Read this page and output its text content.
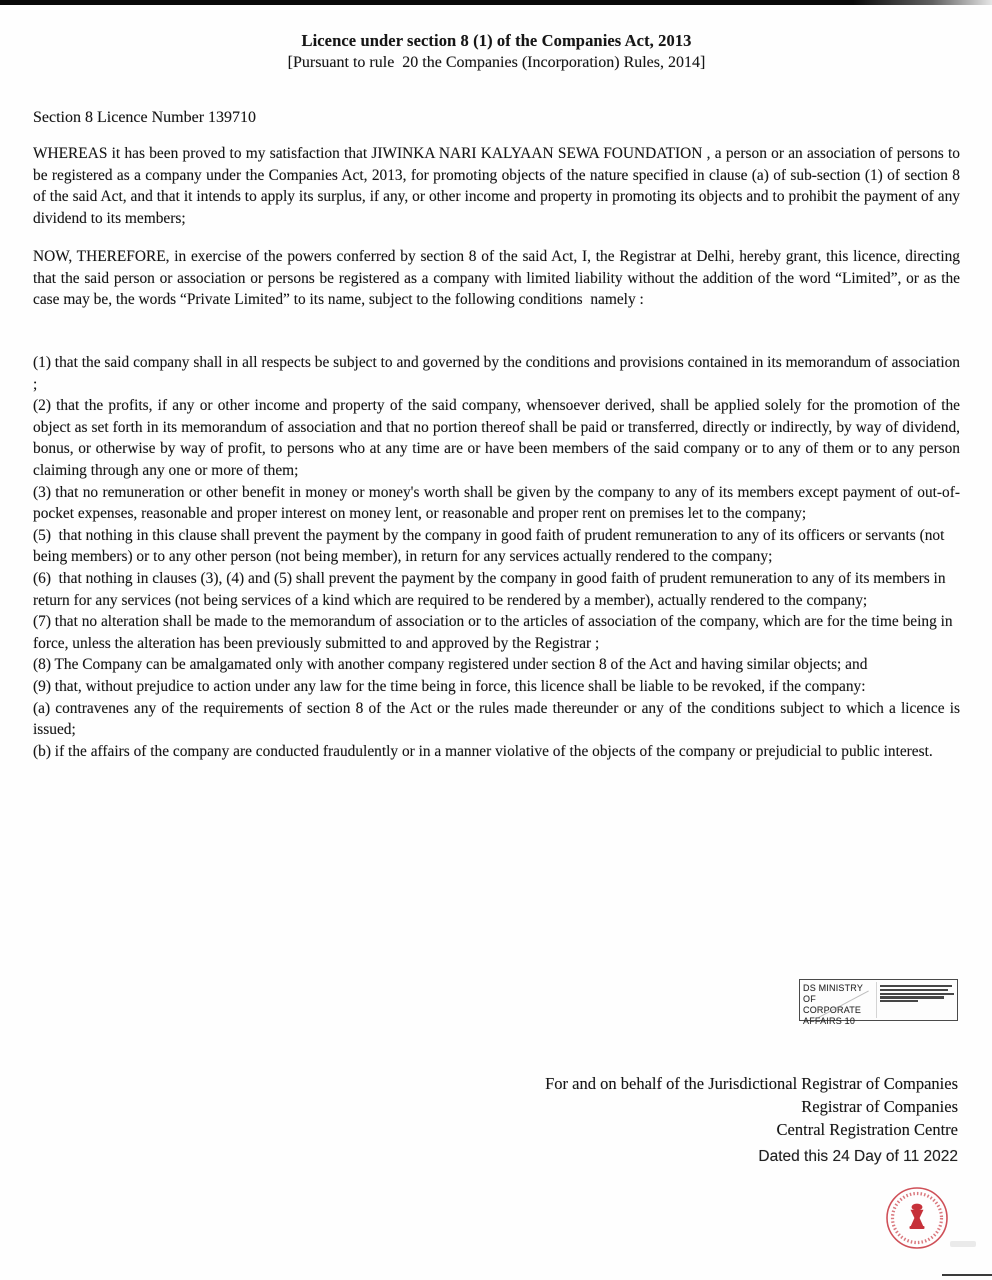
Licence under section 8 (1) of the Companies Act, 2013
[Pursuant to rule  20 the Companies (Incorporation) Rules, 2014]
Section 8 Licence Number 139710
WHEREAS it has been proved to my satisfaction that JIWINKA NARI KALYAAN SEWA FOUNDATION , a person or an association of persons to be registered as a company under the Companies Act, 2013, for promoting objects of the nature specified in clause (a) of sub-section (1) of section 8 of the said Act, and that it intends to apply its surplus, if any, or other income and property in promoting its objects and to prohibit the payment of any dividend to its members;
NOW, THEREFORE, in exercise of the powers conferred by section 8 of the said Act, I, the Registrar at Delhi, hereby grant, this licence, directing that the said person or association or persons be registered as a company with limited liability without the addition of the word “Limited”, or as the case may be, the words “Private Limited” to its name, subject to the following conditions  namely :
(1) that the said company shall in all respects be subject to and governed by the conditions and provisions contained in its memorandum of association ;
(2) that the profits, if any or other income and property of the said company, whensoever derived, shall be applied solely for the promotion of the object as set forth in its memorandum of association and that no portion thereof shall be paid or transferred, directly or indirectly, by way of dividend, bonus, or otherwise by way of profit, to persons who at any time are or have been members of the said company or to any of them or to any person claiming through any one or more of them;
(3) that no remuneration or other benefit in money or money's worth shall be given by the company to any of its members except payment of out-of-pocket expenses, reasonable and proper interest on money lent, or reasonable and proper rent on premises let to the company;
(5)  that nothing in this clause shall prevent the payment by the company in good faith of prudent remuneration to any of its officers or servants (not being members) or to any other person (not being member), in return for any services actually rendered to the company;
(6)  that nothing in clauses (3), (4) and (5) shall prevent the payment by the company in good faith of prudent remuneration to any of its members in return for any services (not being services of a kind which are required to be rendered by a member), actually rendered to the company;
(7) that no alteration shall be made to the memorandum of association or to the articles of association of the company, which are for the time being in force, unless the alteration has been previously submitted to and approved by the Registrar ;
(8) The Company can be amalgamated only with another company registered under section 8 of the Act and having similar objects; and
(9) that, without prejudice to action under any law for the time being in force, this licence shall be liable to be revoked, if the company:
(a) contravenes any of the requirements of section 8 of the Act or the rules made thereunder or any of the conditions subject to which a licence is issued;
(b) if the affairs of the company are conducted fraudulently or in a manner violative of the objects of the company or prejudicial to public interest.
DS MINISTRY OF
CORPORATE
AFFAIRS 10
For and on behalf of the Jurisdictional Registrar of Companies
Registrar of Companies
Central Registration Centre
Dated this 24 Day of 11 2022
